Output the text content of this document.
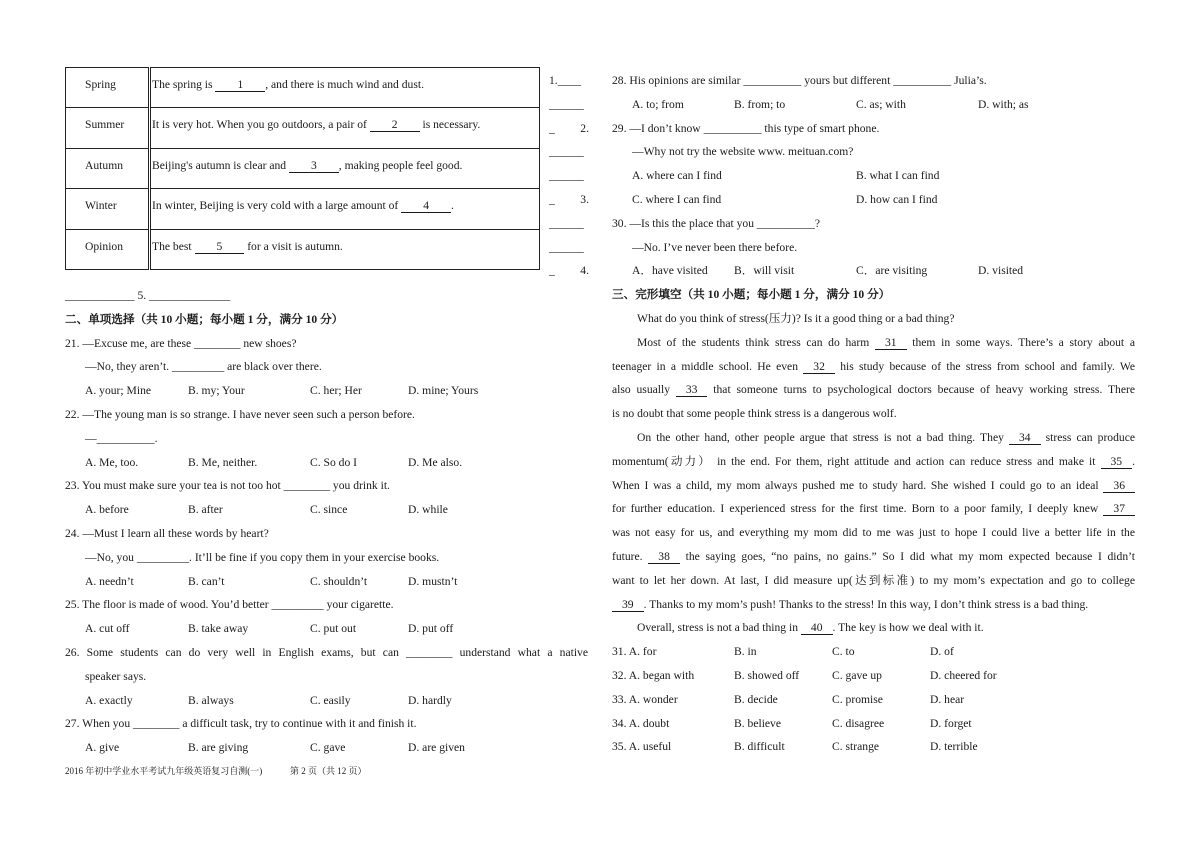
Spring	The spring is 1 , and there is much wind and dust.
Summer	It is very hot. When you go outdoors, a pair of 2 is necessary.
Autumn	Beijing's autumn is clear and 3 , making people feel good.
Winter	In winter, Beijing is very cold with a large amount of 4 .
Opinion	The best 5 for a visit is autumn.
1.____
______
_ 2.
______
______
_ 3.
______
______
_ 4.
____________ 5. ______________
二、单项选择（共 10 小题；每小题 1 分，满分 10 分）
21. —Excuse me, are these ________ new shoes?
—No, they aren’t. _________ are black over there.
A. your; Mine	B. my; Your	C. her; Her	D. mine; Yours
22. —The young man is so strange. I have never seen such a person before.
—__________.
A. Me, too.	B. Me, neither.	C. So do I	D. Me also.
23. You must make sure your tea is not too hot ________ you drink it.
A. before	B. after	C. since	D. while
24. —Must I learn all these words by heart?
—No, you _________. It’ll be fine if you copy them in your exercise books.
A. needn’t	B. can’t	C. shouldn’t	D. mustn’t
25. The floor is made of wood. You’d better _________ your cigarette.
A. cut off	B. take away	C. put out	D. put off
26. Some students can do very well in English exams, but can ________ understand what a native
speaker says.
A. exactly	B. always	C. easily	D. hardly
27. When you ________ a difficult task, try to continue with it and finish it.
A. give	B. are giving	C. gave	D. are given
28. His opinions are similar __________ yours but different __________ Julia’s.
A. to; from	B. from; to	C. as; with	D. with; as
29. —I don’t know __________ this type of smart phone.
—Why not try the website www. meituan.com?
A. where can I find	B. what I can find
C. where I can find	D. how can I find
30. —Is this the place that you __________?
—No. I’ve never been there before.
A．have visited B．will visit	C．are visiting	D. visited
三、完形填空（共 10 小题；每小题 1 分，满分 10 分）
What do you think of stress(压力)? Is it a good thing or a bad thing?
Most of the students think stress can do harm 31 them in some ways. There’s a story about a
teenager in a middle school. He even 32 his study because of the stress from school and family. We
also usually 33 that someone turns to psychological doctors because of heavy working stress. There
is no doubt that some people think stress is a dangerous wolf.
On the other hand, other people argue that stress is not a bad thing. They 34 stress can produce
momentum(动力） in the end. For them, right attitude and action can reduce stress and make it 35 .
When I was a child, my mom always pushed me to study hard. She wished I could go to an ideal 36
for further education. I experienced stress for the first time. Born to a poor family, I deeply knew 37
was not easy for us, and everything my mom did to me was just to hope I could live a better life in the
future. 38 the saying goes, “no pains, no gains.” So I did what my mom expected because I didn’t
want to let her down. At last, I did measure up(达到标准) to my mom’s expectation and go to college
39 . Thanks to my mom’s push! Thanks to the stress! In this way, I don’t think stress is a bad thing.
Overall, stress is not a bad thing in 40 . The key is how we deal with it.
31. A. for	B. in	C. to	D. of
32. A. began with	B. showed off	C. gave up	D. cheered for
33. A. wonder	B. decide	C. promise	D. hear
34. A. doubt	B. believe	C. disagree	D. forget
35. A. useful	B. difficult	C. strange	D. terrible
2016 年初中学业水平考试九年级英语复习自测(一)	第 2 页（共 12 页）
